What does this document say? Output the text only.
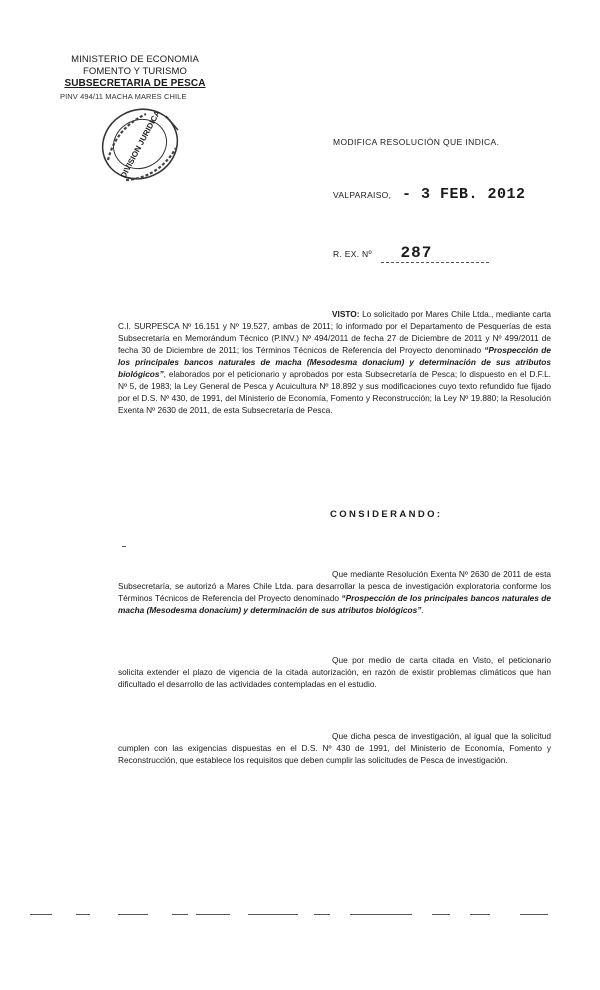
MINISTERIO DE ECONOMIA
FOMENTO Y TURISMO
SUBSECRETARIA DE PESCA
PINV 494/11 MACHA MARES CHILE
DIVISION JURIDICA	MODIFICA RESOLUCIÓN QUE INDICA.
VALPARAISO, - 3 FEB. 2012
R. EX. Nº 287
VISTO: Lo solicitado por Mares Chile Ltda., mediante carta C.I. SURPESCA Nº 16.151 y Nº 19.527, ambas de 2011; lo informado por el Departamento de Pesquerías de esta Subsecretaría en Memorándum Técnico (P.INV.) Nº 494/2011 de fecha 27 de Diciembre de 2011 y Nº 499/2011 de fecha 30 de Diciembre de 2011; los Términos Técnicos de Referencia del Proyecto denominado “Prospección de los principales bancos naturales de macha (Mesodesma donacium) y determinación de sus atributos biológicos”, elaborados por el peticionario y aprobados por esta Subsecretaría de Pesca; lo dispuesto en el D.F.L. Nº 5, de 1983; la Ley General de Pesca y Acuicultura Nº 18.892 y sus modificaciones cuyo texto refundido fue fijado por el D.S. Nº 430, de 1991, del Ministerio de Economía, Fomento y Reconstrucción; la Ley Nº 19.880; la Resolución Exenta Nº 2630 de 2011, de esta Subsecretaría de Pesca.
CONSIDERANDO:
Que mediante Resolución Exenta Nº 2630 de 2011 de esta Subsecretaría, se autorizó a Mares Chile Ltda. para desarrollar la pesca de investigación exploratoria conforme los Términos Técnicos de Referencia del Proyecto denominado “Prospección de los principales bancos naturales de macha (Mesodesma donacium) y determinación de sus atributos biológicos”.
Que por medio de carta citada en Visto, el peticionario solicita extender el plazo de vigencia de la citada autorización, en razón de existir problemas climáticos que han dificultado el desarrollo de las actividades contempladas en el estudio.
Que dicha pesca de investigación, al igual que la solicitud cumplen con las exigencias dispuestas en el D.S. Nº 430 de 1991, del Ministerio de Economía, Fomento y Reconstrucción, que establece los requisitos que deben cumplir las solicitudes de Pesca de investigación.
